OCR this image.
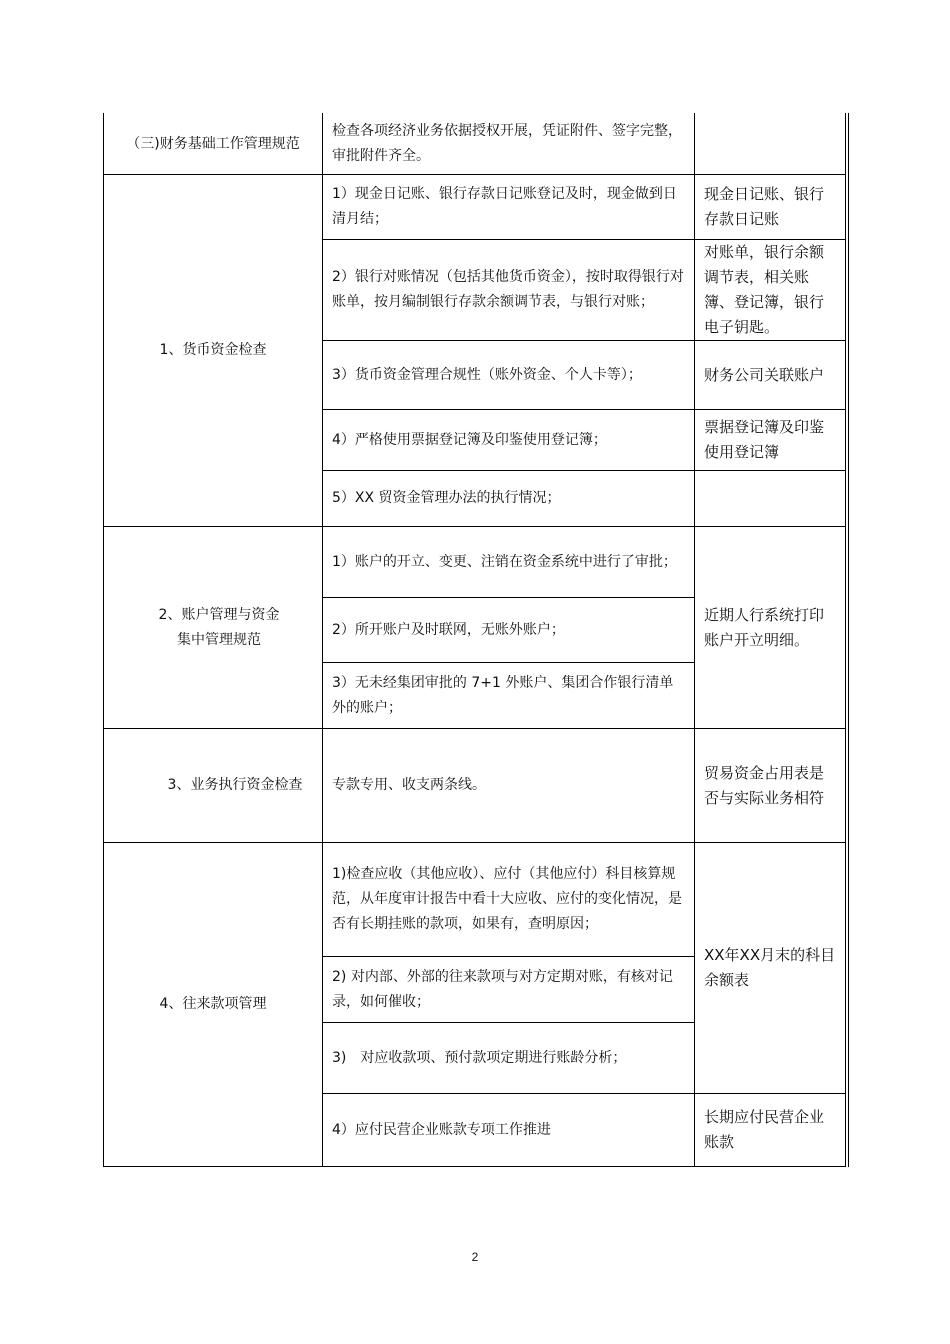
（三)财务基础工作管理规范
检查各项经济业务依据授权开展，凭证附件、签字完整，审批附件齐全。
1、货币资金检查
1）现金日记账、银行存款日记账登记及时，现金做到日清月结；
现金日记账、银行存款日记账
2）银行对账情况（包括其他货币资金），按时取得银行对账单，按月编制银行存款余额调节表，与银行对账；
对账单，银行余额调节表，相关账簿、登记簿，银行电子钥匙。
3）货币资金管理合规性（账外资金、个人卡等）；	财务公司关联账户
4）严格使用票据登记簿及印鉴使用登记簿；
票据登记簿及印鉴使用登记簿
5）XX 贸资金管理办法的执行情况；
2、账户管理与资金集中管理规范
1）账户的开立、变更、注销在资金系统中进行了审批；
2）所开账户及时联网，无账外账户；
3）无未经集团审批的 7+1 外账户、集团合作银行清单外的账户；
近期人行系统打印账户开立明细。
3、业务执行资金检查	专款专用、收支两条线。
贸易资金占用表是否与实际业务相符
4、往来款项管理
1)检查应收（其他应收）、应付（其他应付）科目核算规范，从年度审计报告中看十大应收、应付的变化情况，是否有长期挂账的款项，如果有，查明原因；
2) 对内部、外部的往来款项与对方定期对账，有核对记录，如何催收；
3)　对应收款项、预付款项定期进行账龄分析；
4）应付民营企业账款专项工作推进
XX年XX月末的科目余额表
长期应付民营企业账款
2
